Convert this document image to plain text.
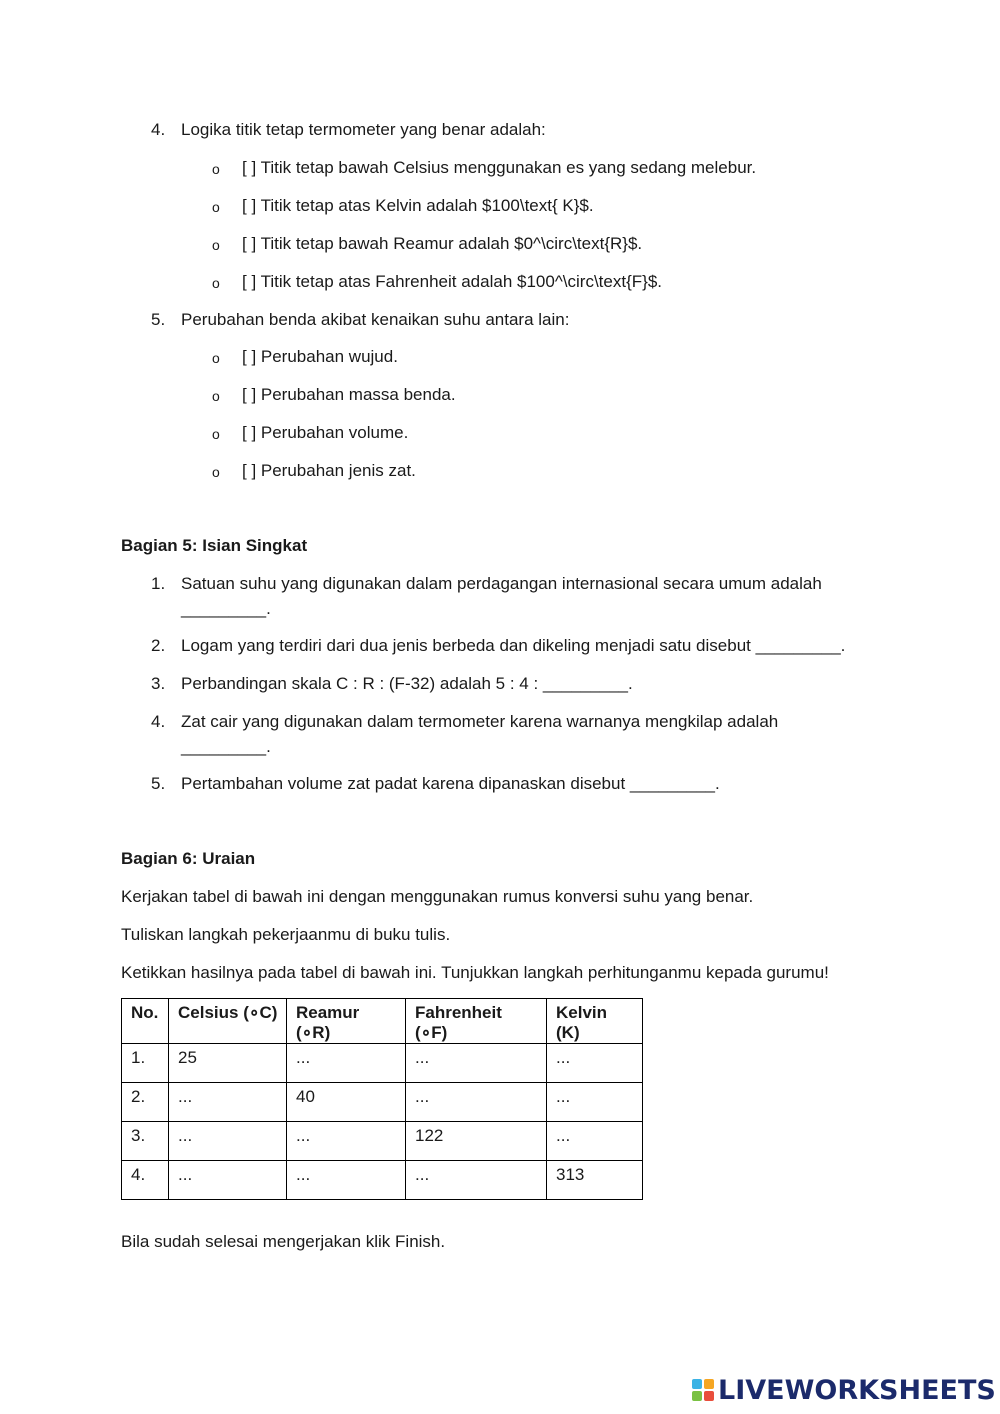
4. Logika titik tetap termometer yang benar adalah:
o [ ] Titik tetap bawah Celsius menggunakan es yang sedang melebur.
o [ ] Titik tetap atas Kelvin adalah $100\text{ K}$.
o [ ] Titik tetap bawah Reamur adalah $0^\circ\text{R}$.
o [ ] Titik tetap atas Fahrenheit adalah $100^\circ\text{F}$.
5. Perubahan benda akibat kenaikan suhu antara lain:
o [ ] Perubahan wujud.
o [ ] Perubahan massa benda.
o [ ] Perubahan volume.
o [ ] Perubahan jenis zat.
Bagian 5: Isian Singkat
1. Satuan suhu yang digunakan dalam perdagangan internasional secara umum adalah
_________.
2. Logam yang terdiri dari dua jenis berbeda dan dikeling menjadi satu disebut _________.
3. Perbandingan skala C : R : (F-32) adalah 5 : 4 : _________.
4. Zat cair yang digunakan dalam termometer karena warnanya mengkilap adalah
_________.
5. Pertambahan volume zat padat karena dipanaskan disebut _________.
Bagian 6: Uraian
Kerjakan tabel di bawah ini dengan menggunakan rumus konversi suhu yang benar.
Tuliskan langkah pekerjaanmu di buku tulis.
Ketikkan hasilnya pada tabel di bawah ini. Tunjukkan langkah perhitunganmu kepada gurumu!
No.	Celsius (∘C)	Reamur (∘R)	Fahrenheit (∘F)	Kelvin (K)
1.	25	...	...	...
2.	...	40	...	...
3.	...	...	122	...
4.	...	...	...	313
Bila sudah selesai mengerjakan klik Finish.
LIVEWORKSHEETS
